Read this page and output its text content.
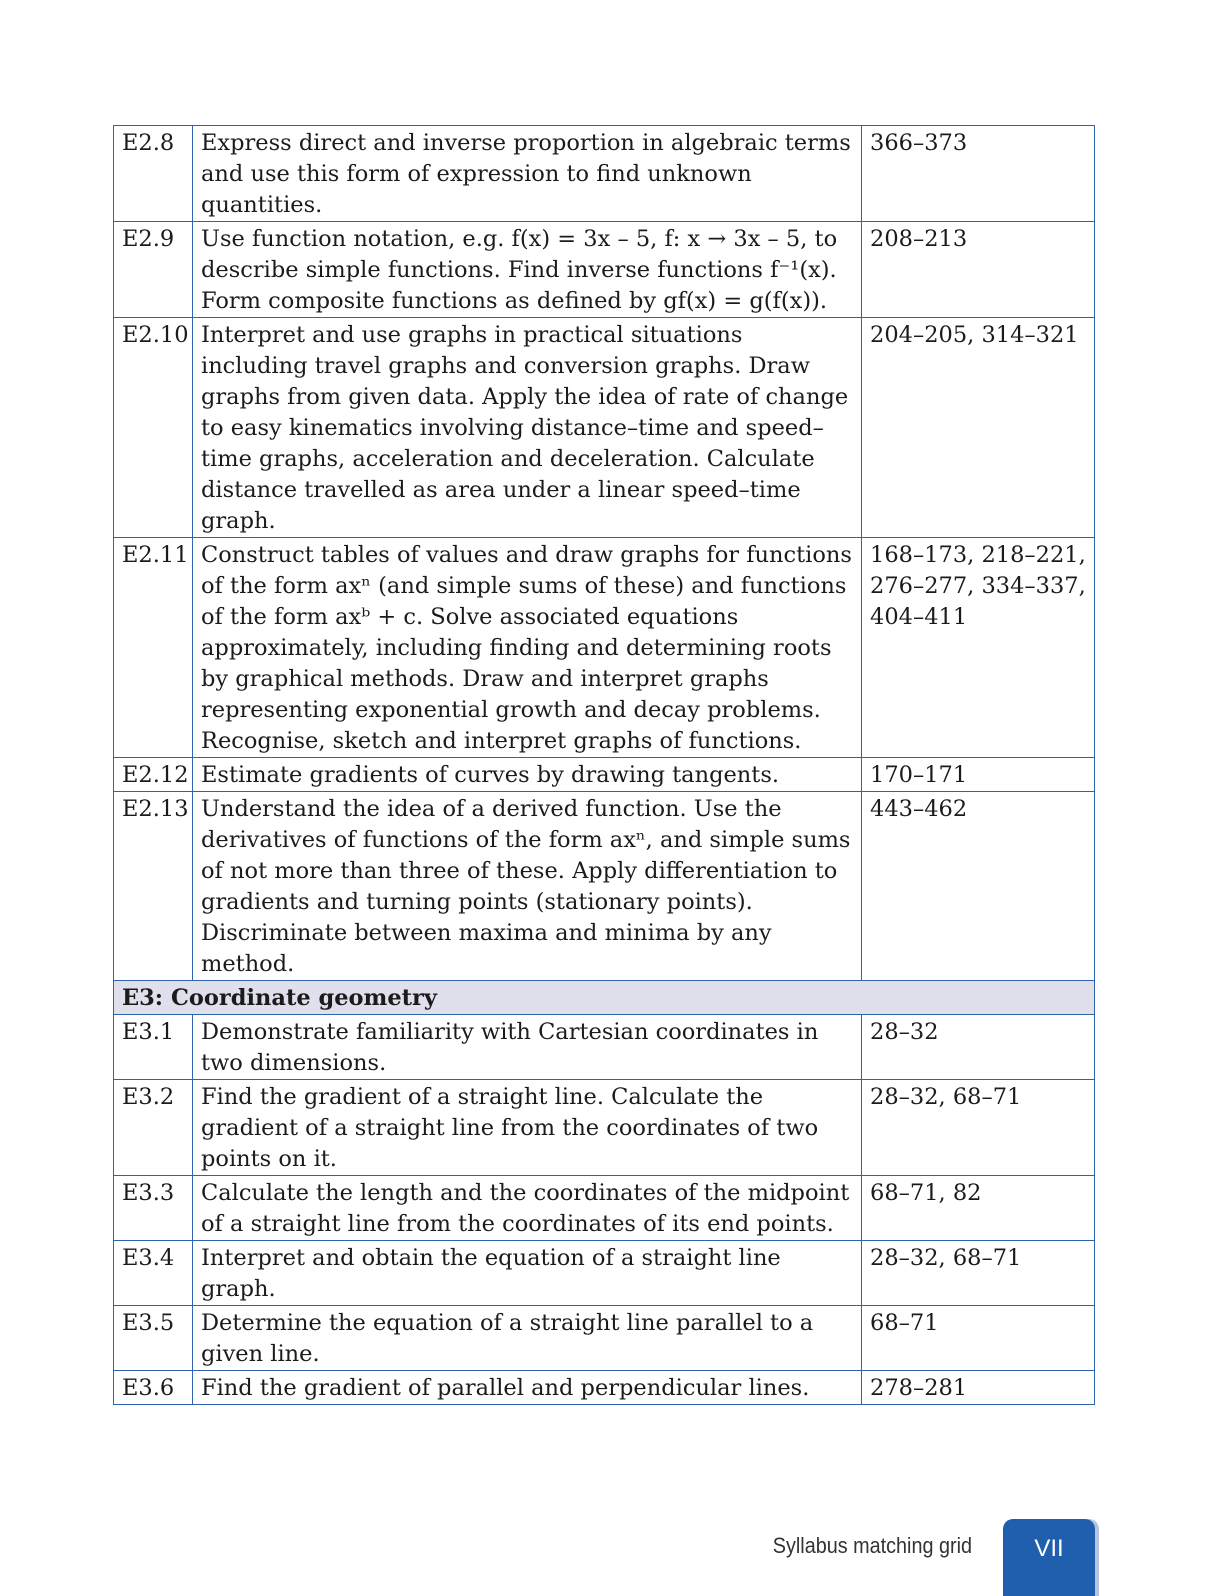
E2.8	Express direct and inverse proportion in algebraic terms and use this form of expression to find unknown quantities.	366–373
E2.9	Use function notation, e.g. f(x) = 3x – 5, f: x → 3x – 5, to describe simple functions. Find inverse functions f⁻¹(x). Form composite functions as defined by gf(x) = g(f(x)).	208–213
E2.10	Interpret and use graphs in practical situations including travel graphs and conversion graphs. Draw graphs from given data. Apply the idea of rate of change to easy kinematics involving distance–time and speed–time graphs, acceleration and deceleration. Calculate distance travelled as area under a linear speed–time graph.	204–205, 314–321
E2.11	Construct tables of values and draw graphs for functions of the form axⁿ (and simple sums of these) and functions of the form axᵇ + c. Solve associated equations approximately, including finding and determining roots by graphical methods. Draw and interpret graphs representing exponential growth and decay problems. Recognise, sketch and interpret graphs of functions.	168–173, 218–221, 276–277, 334–337, 404–411
E2.12	Estimate gradients of curves by drawing tangents.	170–171
E2.13	Understand the idea of a derived function. Use the derivatives of functions of the form axⁿ, and simple sums of not more than three of these. Apply differentiation to gradients and turning points (stationary points). Discriminate between maxima and minima by any method.	443–462
E3: Coordinate geometry		
E3.1	Demonstrate familiarity with Cartesian coordinates in two dimensions.	28–32
E3.2	Find the gradient of a straight line. Calculate the gradient of a straight line from the coordinates of two points on it.	28–32, 68–71
E3.3	Calculate the length and the coordinates of the midpoint of a straight line from the coordinates of its end points.	68–71, 82
E3.4	Interpret and obtain the equation of a straight line graph.	28–32, 68–71
E3.5	Determine the equation of a straight line parallel to a given line.	68–71
E3.6	Find the gradient of parallel and perpendicular lines.	278–281
Syllabus matching grid	VII
